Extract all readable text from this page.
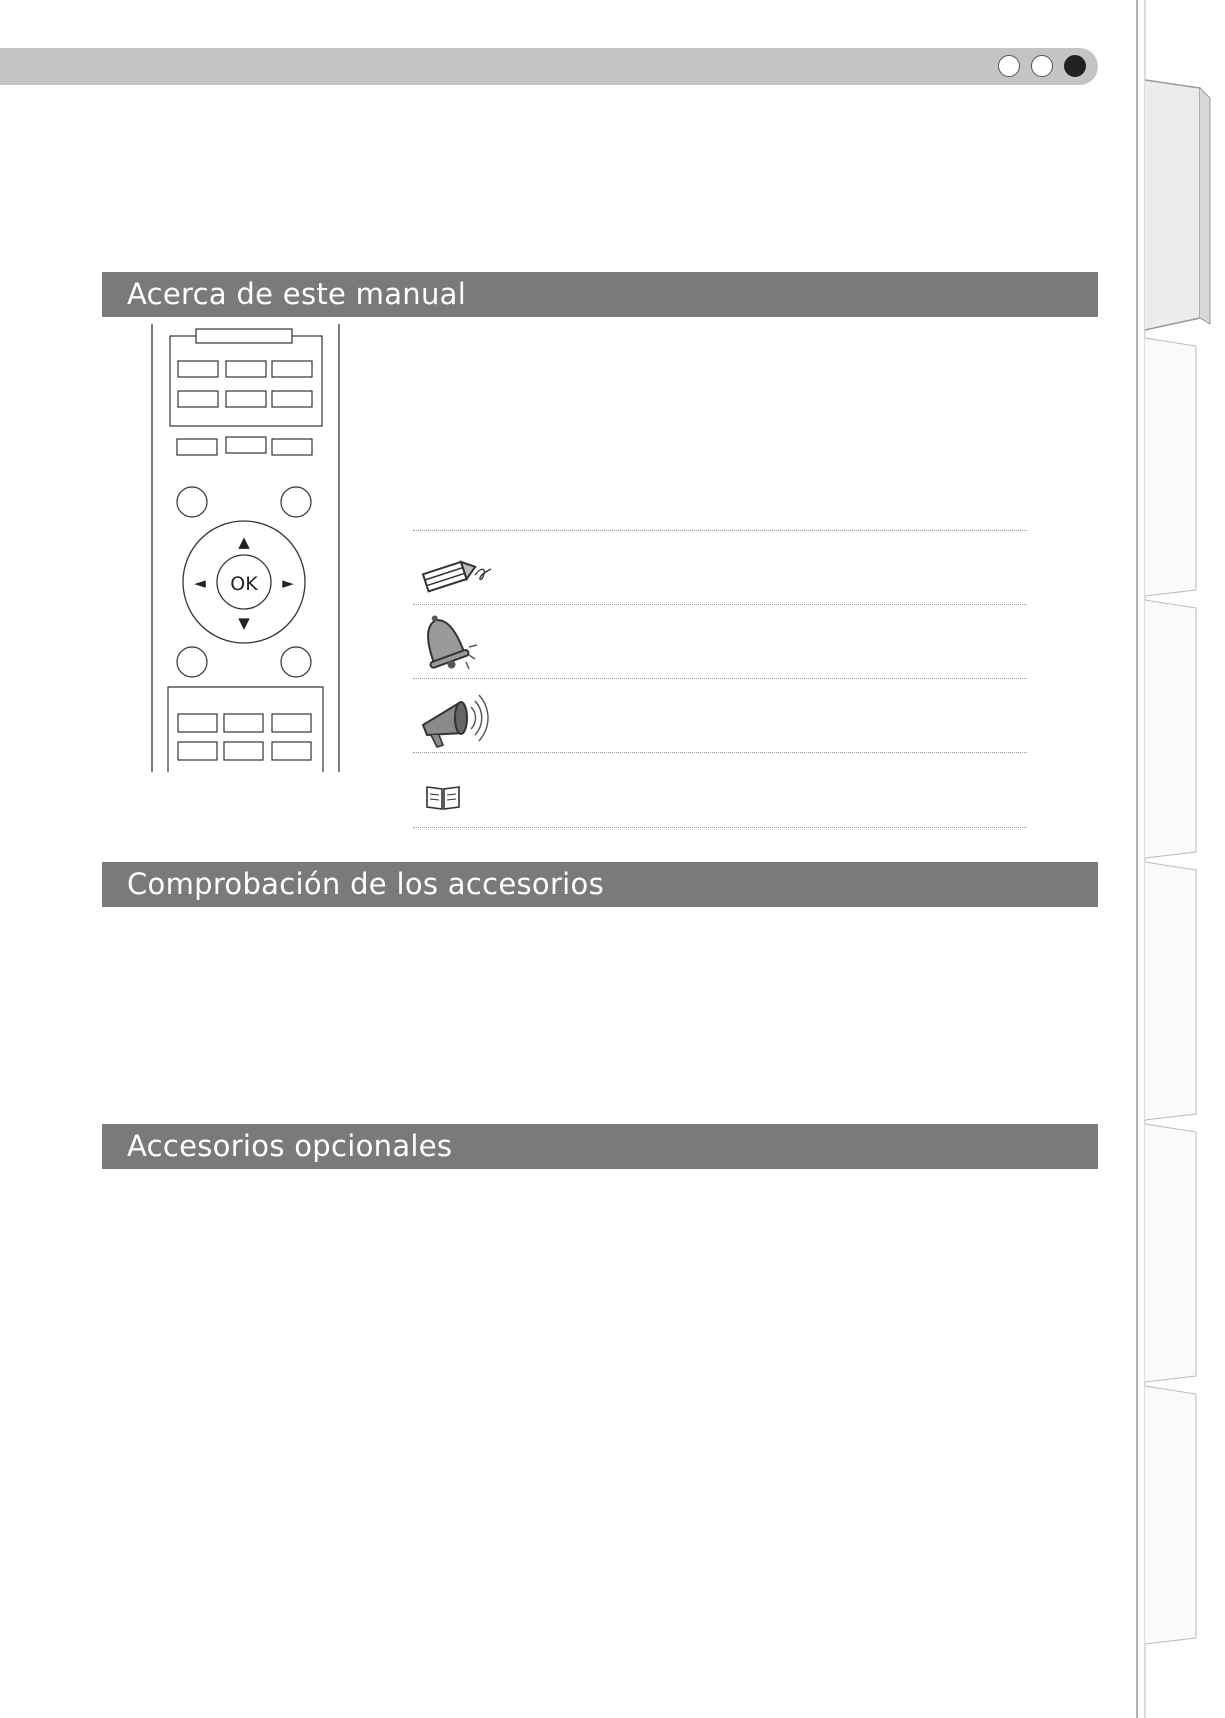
Acerca de este manual
Comprobación de los accesorios
Accesorios opcionales
OK
▲
▼
◄	►
